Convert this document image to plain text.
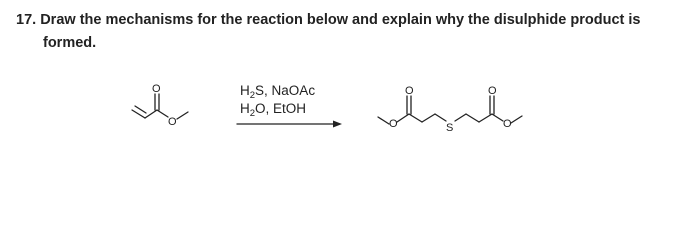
17. Draw the mechanisms for the reaction below and explain why the disulphide product is
formed.
O
O
$H_2S$, NaOAc
$H_2O$, EtOH
O
O
S
O
O
